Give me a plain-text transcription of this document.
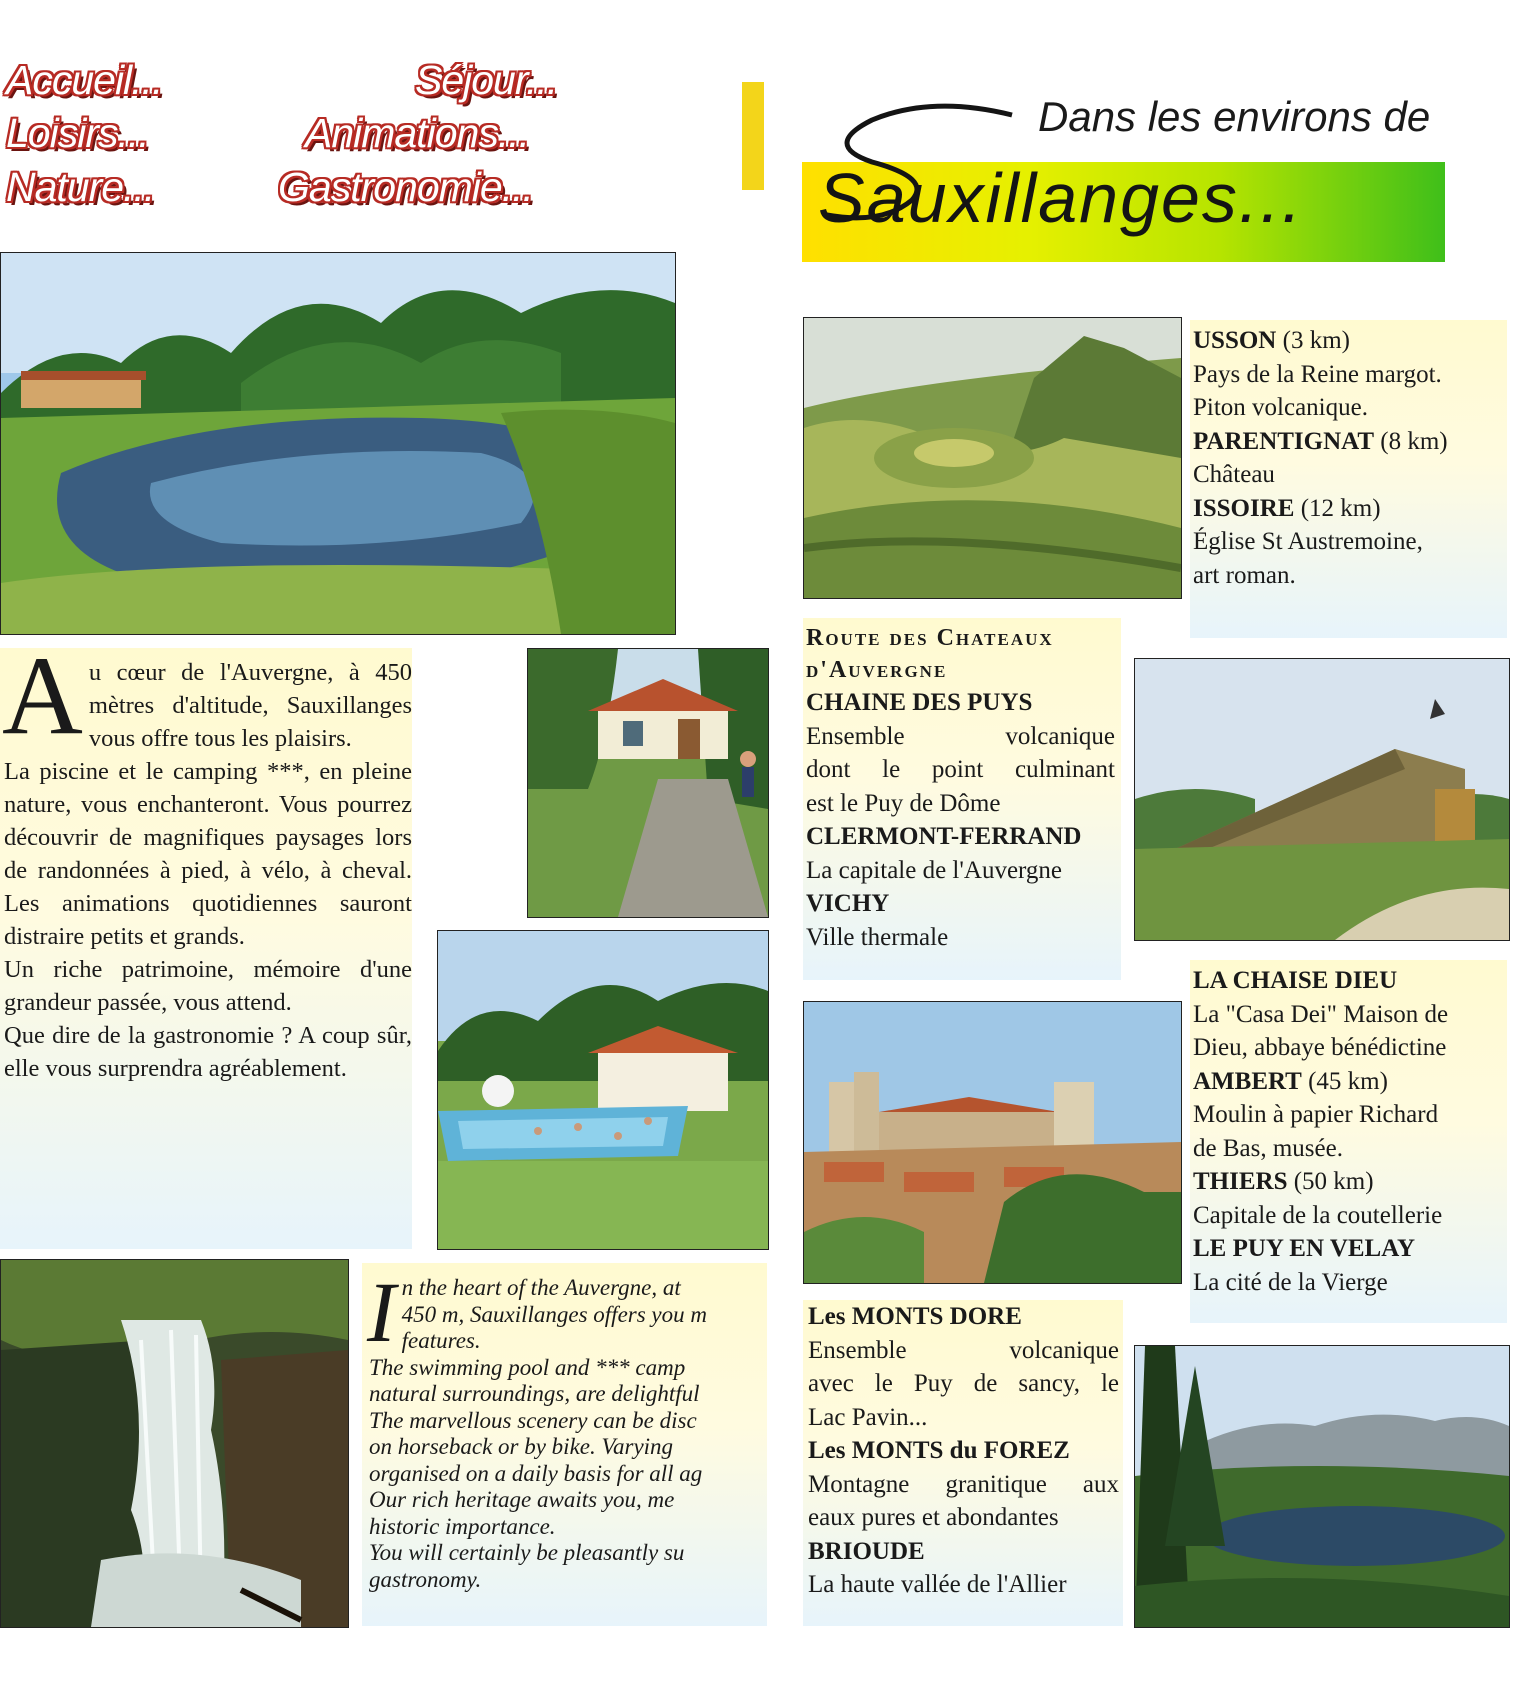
Accueil...	Séjour...
Loisirs...	Animations...
Nature...	Gastronomie...
A u cœur de l'Auvergne, à 450 mètres d'altitude, Sauxillanges vous offre tous les plaisirs.

La piscine et le camping ***, en pleine nature, vous enchanteront. Vous pourrez découvrir de magnifiques paysages lors de randonnées à pied, à vélo, à cheval. Les animations quotidiennes sauront distraire petits et grands.

Un riche patrimoine, mémoire d'une grandeur passée, vous attend.

Que dire de la gastronomie ? A coup sûr, elle vous surprendra agréablement.

I n the heart of the Auvergne, at

450 m, Sauxillanges offers you m

features.

The swimming pool and *** camp

natural surroundings, are delightful

The marvellous scenery can be disc

on horseback or by bike. Varying

organised on a daily basis for all ag

Our rich heritage awaits you, me

historic importance.

You will certainly be pleasantly su

gastronomy.

Dans les environs de
Sauxillanges...
USSON (3 km)
Pays de la Reine margot.
Piton volcanique.
PARENTIGNAT (8 km)
Château
ISSOIRE (12 km)
Église St Austremoine,
art roman.
Route des Chateaux
d'Auvergne
CHAINE DES PUYS
Ensemble volcanique
dont le point culminant
est le Puy de Dôme
CLERMONT-FERRAND
La capitale de l'Auvergne
VICHY
Ville thermale
LA CHAISE DIEU
La "Casa Dei" Maison de
Dieu, abbaye bénédictine
AMBERT (45 km)
Moulin à papier Richard
de Bas, musée.
THIERS (50 km)
Capitale de la coutellerie
LE PUY EN VELAY
La cité de la Vierge
Les MONTS DORE
Ensemble volcanique
avec le Puy de sancy, le
Lac Pavin...
Les MONTS du FOREZ
Montagne granitique aux
eaux pures et abondantes
BRIOUDE
La haute vallée de l'Allier
